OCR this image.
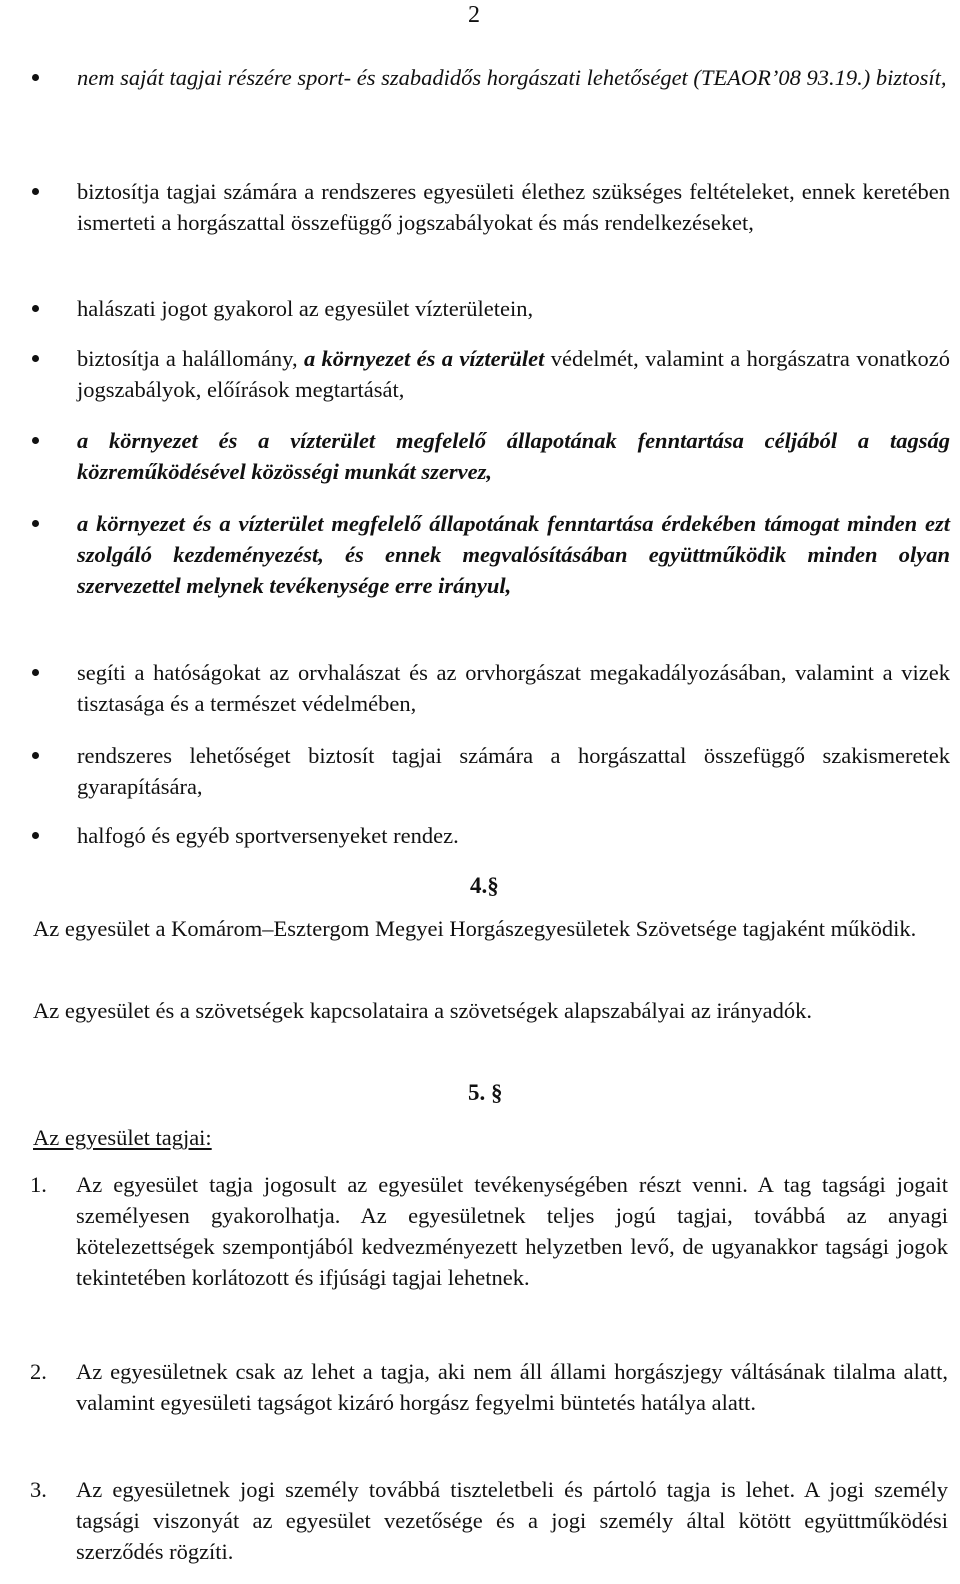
2
nem saját tagjai részére sport- és szabadidős horgászati lehetőséget (TEAOR’08 93.19.) biztosít,
biztosítja tagjai számára a rendszeres egyesületi élethez szükséges feltételeket, ennek keretében ismerteti a horgászattal összefüggő jogszabályokat és más rendelkezéseket,
halászati jogot gyakorol az egyesület vízterületein,
biztosítja a halállomány, a környezet és a vízterület védelmét, valamint a horgászatra vonatkozó jogszabályok, előírások megtartását,
a környezet és a vízterület megfelelő állapotának fenntartása céljából a tagság közreműködésével közösségi munkát szervez,
a környezet és a vízterület megfelelő állapotának fenntartása érdekében támogat minden ezt szolgáló kezdeményezést, és ennek megvalósításában együttműködik minden olyan szervezettel melynek tevékenysége erre irányul,
segíti a hatóságokat az orvhalászat és az orvhorgászat megakadályozásában, valamint a vizek tisztasága és a természet védelmében,
rendszeres lehetőséget biztosít tagjai számára a horgászattal összefüggő szakismeretek gyarapítására,
halfogó és egyéb sportversenyeket rendez.
4.§
Az egyesület a Komárom–Esztergom Megyei Horgászegyesületek Szövetsége tagjaként működik.
Az egyesület és a szövetségek kapcsolataira a szövetségek alapszabályai az irányadók.
5. §
Az egyesület tagjai:
1. Az egyesület tagja jogosult az egyesület tevékenységében részt venni. A tag tagsági jogait személyesen gyakorolhatja. Az egyesületnek teljes jogú tagjai, továbbá az anyagi kötelezettségek szempontjából kedvezményezett helyzetben levő, de ugyanakkor tagsági jogok tekintetében korlátozott és ifjúsági tagjai lehetnek.
2. Az egyesületnek csak az lehet a tagja, aki nem áll állami horgászjegy váltásának tilalma alatt, valamint egyesületi tagságot kizáró horgász fegyelmi büntetés hatálya alatt.
3. Az egyesületnek jogi személy továbbá tiszteletbeli és pártoló tagja is lehet. A jogi személy tagsági viszonyát az egyesület vezetősége és a jogi személy által kötött együttműködési szerződés rögzíti.
